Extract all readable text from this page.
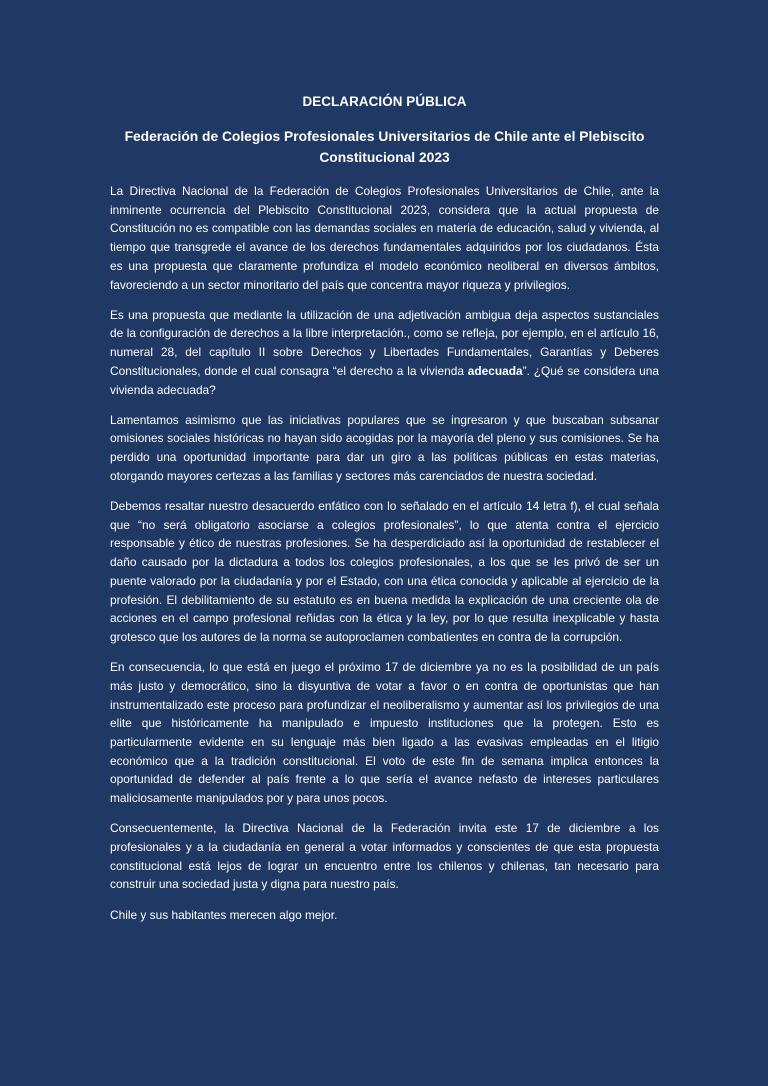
DECLARACIÓN PÚBLICA
Federación de Colegios Profesionales Universitarios de Chile ante el Plebiscito Constitucional 2023

La Directiva Nacional de la Federación de Colegios Profesionales Universitarios de Chile, ante la inminente ocurrencia del Plebiscito Constitucional 2023, considera que la actual propuesta de Constitución no es compatible con las demandas sociales en materia de educación, salud y vivienda, al tiempo que transgrede el avance de los derechos fundamentales adquiridos por los ciudadanos. Ésta es una propuesta que claramente profundiza el modelo económico neoliberal en diversos ámbitos, favoreciendo a un sector minoritario del país que concentra mayor riqueza y privilegios.

Es una propuesta que mediante la utilización de una adjetivación ambigua deja aspectos sustanciales de la configuración de derechos a la libre interpretación., como se refleja, por ejemplo, en el artículo 16, numeral 28, del capítulo II sobre Derechos y Libertades Fundamentales, Garantías y Deberes Constitucionales, donde el cual consagra “el derecho a la vivienda adecuada”. ¿Qué se considera una vivienda adecuada?

Lamentamos asimismo que las iniciativas populares que se ingresaron y que buscaban subsanar omisiones sociales históricas no hayan sido acogidas por la mayoría del pleno y sus comisiones. Se ha perdido una oportunidad importante para dar un giro a las políticas públicas en estas materias, otorgando mayores certezas a las familias y sectores más carenciados de nuestra sociedad.

Debemos resaltar nuestro desacuerdo enfático con lo señalado en el artículo 14 letra f), el cual señala que “no será obligatorio asociarse a colegios profesionales”, lo que atenta contra el ejercicio responsable y ético de nuestras profesiones. Se ha desperdiciado así la oportunidad de restablecer el daño causado por la dictadura a todos los colegios profesionales, a los que se les privó de ser un puente valorado por la ciudadanía y por el Estado, con una ética conocida y aplicable al ejercicio de la profesión. El debilitamiento de su estatuto es en buena medida la explicación de una creciente ola de acciones en el campo profesional reñidas con la ética y la ley, por lo que resulta inexplicable y hasta grotesco que los autores de la norma se autoproclamen combatientes en contra de la corrupción.

En consecuencia, lo que está en juego el próximo 17 de diciembre ya no es la posibilidad de un país más justo y democrático, sino la disyuntiva de votar a favor o en contra de oportunistas que han instrumentalizado este proceso para profundizar el neoliberalismo y aumentar así los privilegios de una elite que históricamente ha manipulado e impuesto instituciones que la protegen. Esto es particularmente evidente en su lenguaje más bien ligado a las evasivas empleadas en el litigio económico que a la tradición constitucional. El voto de este fin de semana implica entonces la oportunidad de defender al país frente a lo que sería el avance nefasto de intereses particulares maliciosamente manipulados por y para unos pocos.

Consecuentemente, la Directiva Nacional de la Federación invita este 17 de diciembre a los profesionales y a la ciudadanía en general a votar informados y conscientes de que esta propuesta constitucional está lejos de lograr un encuentro entre los chilenos y chilenas, tan necesario para construir una sociedad justa y digna para nuestro país.

Chile y sus habitantes merecen algo mejor.
